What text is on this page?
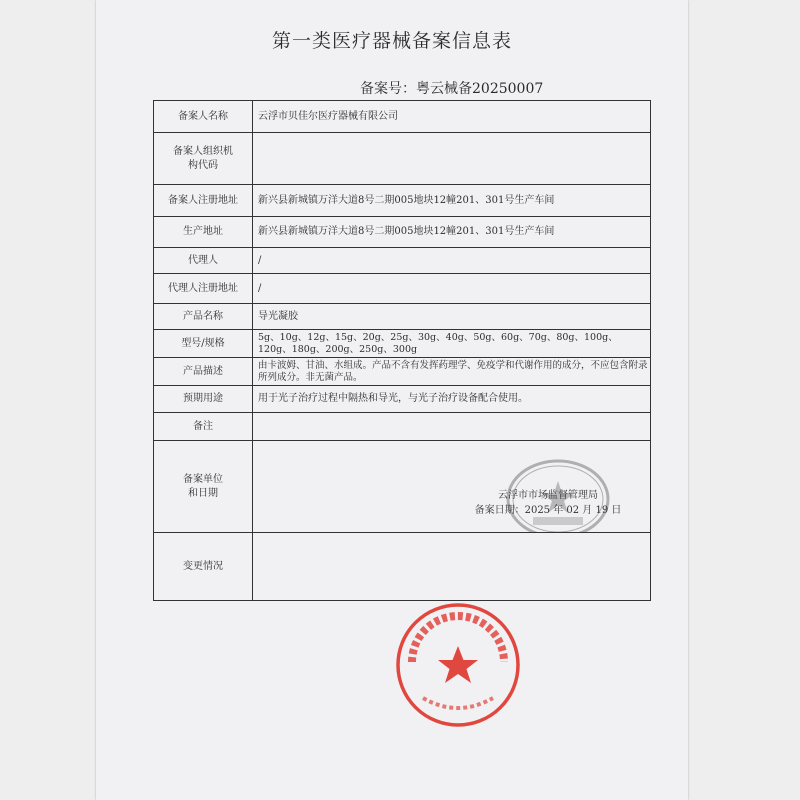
第一类医疗器械备案信息表
备案号：粤云械备20250007
备案人名称	云浮市贝佳尔医疗器械有限公司

备案人组织机构代码	

备案人注册地址	新兴县新城镇万洋大道8号二期005地块12幢201、301号生产车间
生产地址	新兴县新城镇万洋大道8号二期005地块12幢201、301号生产车间
代理人	/
代理人注册地址	/
产品名称	导光凝胶
型号/规格	5g、10g、12g、15g、20g、25g、30g、40g、50g、60g、70g、80g、100g、120g、180g、200g、250g、300g
产品描述	由卡波姆、甘油、水组成。产品不含有发挥药理学、免疫学和代谢作用的成分，不应包含附录所列成分。非无菌产品。
预期用途	用于光子治疗过程中隔热和导光，与光子治疗设备配合使用。
备注	

备案单位和日期	云浮市市场监督管理局
备案日期：2025 年 02 月 19 日

变更情况	
